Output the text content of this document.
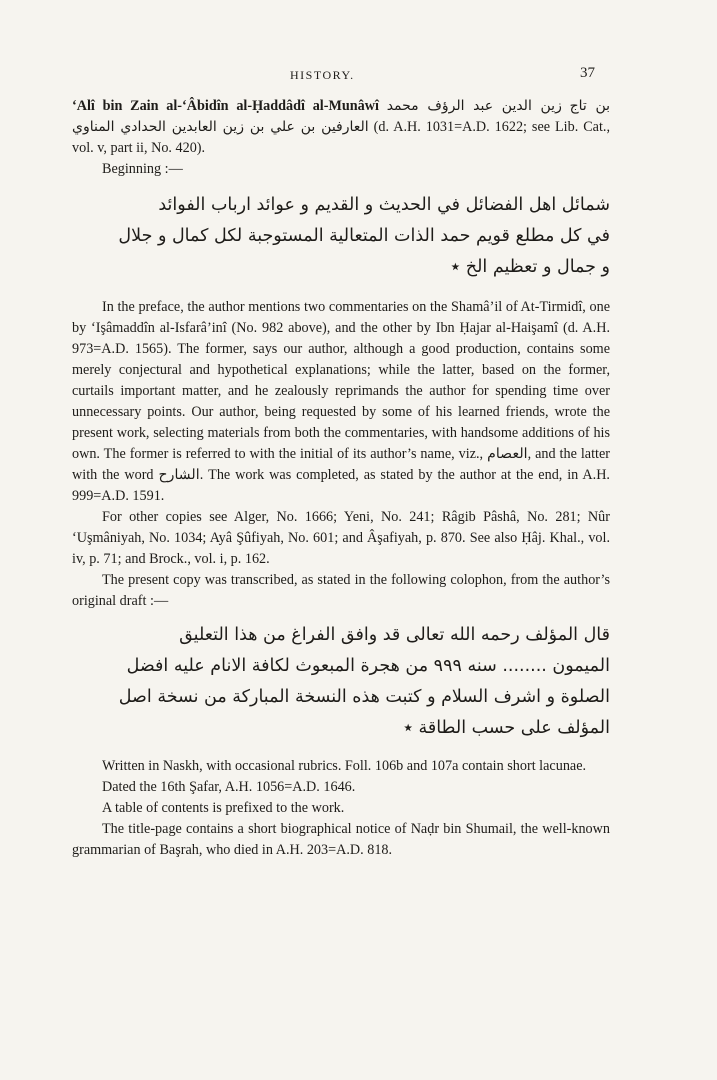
HISTORY.	37

‘Alî bin Zain al-‘Âbidîn al-Ḥaddâdî al-Munâwî زين الدين عبد الرؤف محمد بن تاج العارفين بن علي بن زين العابدين الحدادي المناوي (d. A.H. 1031=A.D. 1622; see Lib. Cat., vol. v, part ii, No. 420).

Beginning :—

شمائل اهل الفضائل في الحديث و القديم و عوائد ارباب الفوائد

في كل مطلع قويم حمد الذات المتعالية المستوجبة لكل كمال و جلال

و جمال و تعظيم الخ ٭

In the preface, the author mentions two commentaries on the Shamâ’il of At-Tirmidî, one by ‘Işâmaddîn al-Isfarâ’inî (No. 982 above), and the other by Ibn Ḥajar al-Haişamî (d. A.H. 973=A.D. 1565). The former, says our author, although a good production, contains some merely conjectural and hypothetical explanations; while the latter, based on the former, curtails important matter, and he zealously reprimands the author for spending time over unnecessary points. Our author, being requested by some of his learned friends, wrote the present work, selecting materials from both the commentaries, with handsome additions of his own. The former is referred to with the initial of its author’s name, viz., العصام, and the latter with the word الشارح. The work was completed, as stated by the author at the end, in A.H. 999=A.D. 1591.

For other copies see Alger, No. 1666; Yeni, No. 241; Râgib Pâshâ, No. 281; Nûr ‘Uşmâniyah, No. 1034; Ayâ Şûfiyah, No. 601; and Âşafiyah, p. 870. See also Ḥâj. Khal., vol. iv, p. 71; and Brock., vol. i, p. 162.

The present copy was transcribed, as stated in the following colophon, from the author’s original draft :—

قال المؤلف رحمه الله تعالى قد وافق الفراغ من هذا التعليق

الميمون ........ سنه ٩٩٩ من هجرة المبعوث لكافة الانام عليه افضل

الصلوة و اشرف السلام و كتبت هذه النسخة المباركة من نسخة اصل

المؤلف على حسب الطاقة ٭

Written in Naskh, with occasional rubrics. Foll. 106b and 107a contain short lacunae.

Dated the 16th Şafar, A.H. 1056=A.D. 1646.

A table of contents is prefixed to the work.

The title-page contains a short biographical notice of Naḍr bin Shumail, the well-known grammarian of Başrah, who died in A.H. 203=A.D. 818.
